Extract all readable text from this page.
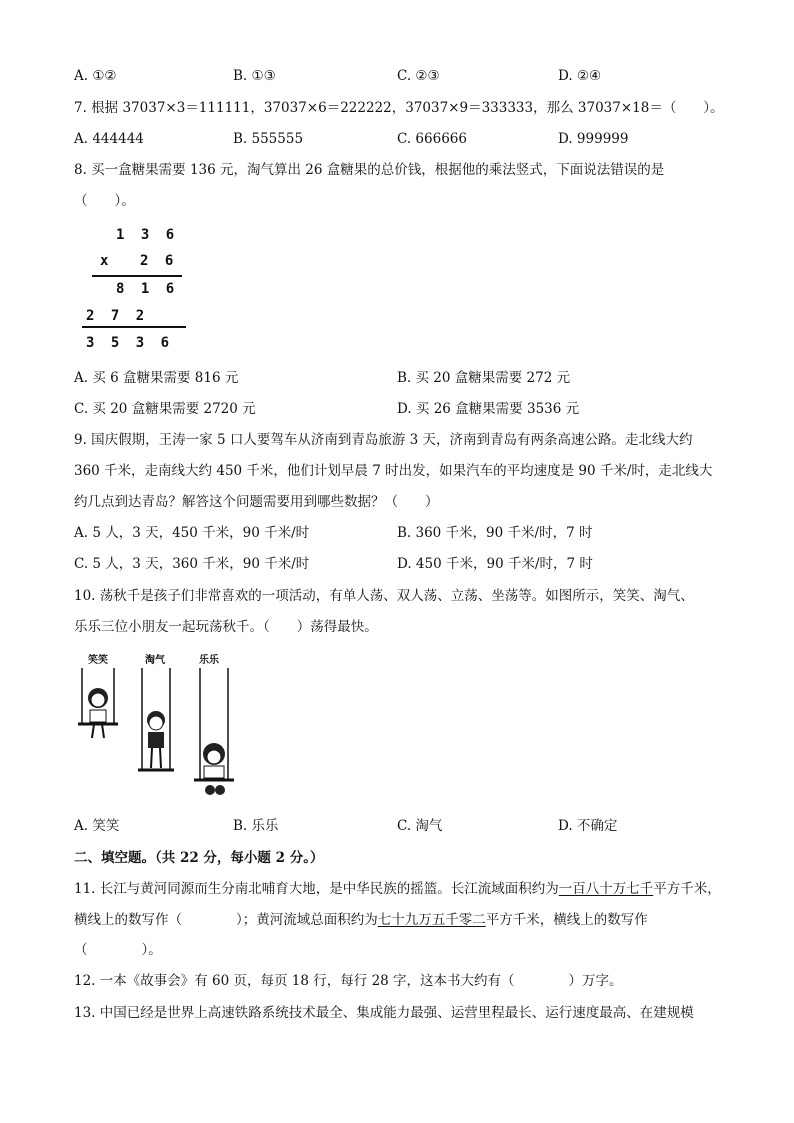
A. ①②	B. ①③	C. ②③	D. ②④
7. 根据 37037×3＝111111，37037×6＝222222，37037×9＝333333，那么 37037×18＝（　　）。
A. 444444	B. 555555	C. 666666	D. 999999
8. 买一盒糖果需要 136 元，淘气算出 26 盒糖果的总价钱，根据他的乘法竖式，下面说法错误的是
（　　）。
1 3 6
x 2 6
8 1 6
2 7 2
3 5 3 6
A. 买 6 盒糖果需要 816 元	B. 买 20 盒糖果需要 272 元
C. 买 20 盒糖果需要 2720 元	D. 买 26 盒糖果需要 3536 元
9. 国庆假期，王涛一家 5 口人要驾车从济南到青岛旅游 3 天，济南到青岛有两条高速公路。走北线大约
360 千米，走南线大约 450 千米，他们计划早晨 7 时出发，如果汽车的平均速度是 90 千米/时，走北线大
约几点到达青岛？解答这个问题需要用到哪些数据？（　　）
A. 5 人，3 天，450 千米，90 千米/时	B. 360 千米，90 千米/时，7 时
C. 5 人，3 天，360 千米，90 千米/时	D. 450 千米，90 千米/时，7 时
10. 荡秋千是孩子们非常喜欢的一项活动，有单人荡、双人荡、立荡、坐荡等。如图所示，笑笑、淘气、
乐乐三位小朋友一起玩荡秋千。（　　）荡得最快。
笑笑	淘气	乐乐
A. 笑笑	B. 乐乐	C. 淘气	D. 不确定
二、填空题。（共 22 分，每小题 2 分。）
11. 长江与黄河同源而生分南北哺育大地，是中华民族的摇篮。长江流域面积约为一百八十万七千平方千米，
横线上的数写作（　　　　）；黄河流域总面积约为七十九万五千零二平方千米，横线上的数写作
（　　　　）。
12. 一本《故事会》有 60 页，每页 18 行，每行 28 字，这本书大约有（　　　　）万字。
13. 中国已经是世界上高速铁路系统技术最全、集成能力最强、运营里程最长、运行速度最高、在建规模
